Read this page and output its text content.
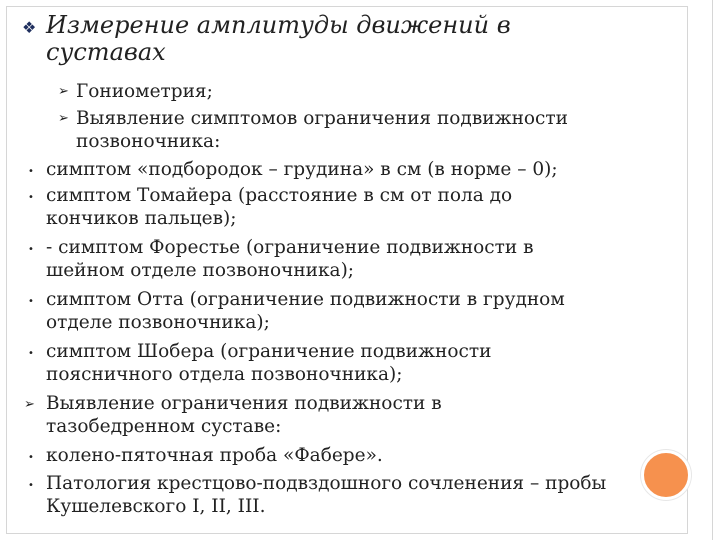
❖ Измерение амплитуды движений в
суставах
➢ Гониометрия;
➢ Выявление симптомов ограничения подвижности
позвоночника:
• симптом «подбородок – грудина» в см (в норме – 0);
• симптом Томайера (расстояние в см от пола до
кончиков пальцев);
• - симптом Форестье (ограничение подвижности в
шейном отделе позвоночника);
• симптом Отта (ограничение подвижности в грудном
отделе позвоночника);
• симптом Шобера (ограничение подвижности
поясничного отдела позвоночника);
➢ Выявление ограничения подвижности в
тазобедренном суставе:
• колено-пяточная проба «Фабере».
• Патология крестцово-подвздошного сочленения – пробы
Кушелевского I, II, III.
